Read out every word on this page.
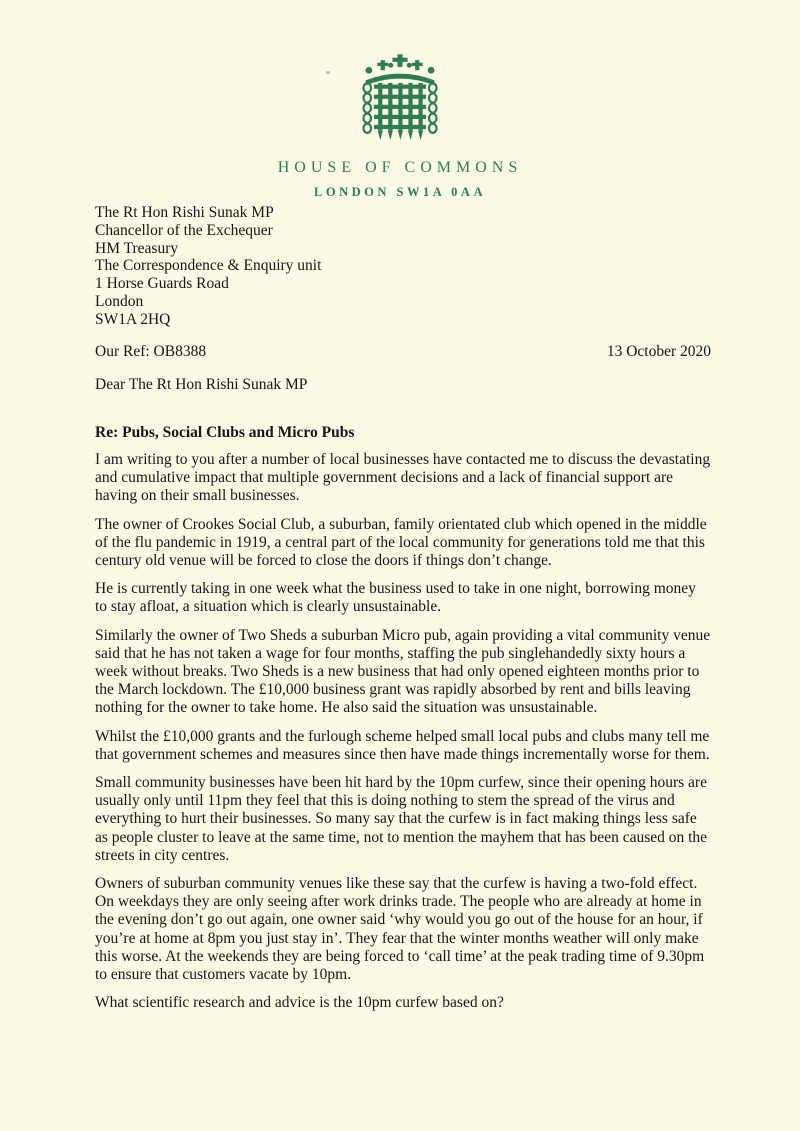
HOUSE OF COMMONS
LONDON SW1A 0AA
The Rt Hon Rishi Sunak MP
Chancellor of the Exchequer
HM Treasury
The Correspondence & Enquiry unit
1 Horse Guards Road
London
SW1A 2HQ
Our Ref: OB8388	13 October 2020
Dear The Rt Hon Rishi Sunak MP
Re: Pubs, Social Clubs and Micro Pubs

I am writing to you after a number of local businesses have contacted me to discuss the devastating and cumulative impact that multiple government decisions and a lack of financial support are having on their small businesses.

The owner of Crookes Social Club, a suburban, family orientated club which opened in the middle of the flu pandemic in 1919, a central part of the local community for generations told me that this century old venue will be forced to close the doors if things don’t change.

He is currently taking in one week what the business used to take in one night, borrowing money to stay afloat, a situation which is clearly unsustainable.

Similarly the owner of Two Sheds a suburban Micro pub, again providing a vital community venue said that he has not taken a wage for four months, staffing the pub singlehandedly sixty hours a week without breaks. Two Sheds is a new business that had only opened eighteen months prior to the March lockdown. The £10,000 business grant was rapidly absorbed by rent and bills leaving nothing for the owner to take home. He also said the situation was unsustainable.

Whilst the £10,000 grants and the furlough scheme helped small local pubs and clubs many tell me that government schemes and measures since then have made things incrementally worse for them.

Small community businesses have been hit hard by the 10pm curfew, since their opening hours are usually only until 11pm they feel that this is doing nothing to stem the spread of the virus and everything to hurt their businesses. So many say that the curfew is in fact making things less safe as people cluster to leave at the same time, not to mention the mayhem that has been caused on the streets in city centres.

Owners of suburban community venues like these say that the curfew is having a two-fold effect. On weekdays they are only seeing after work drinks trade. The people who are already at home in the evening don’t go out again, one owner said ‘why would you go out of the house for an hour, if you’re at home at 8pm you just stay in’. They fear that the winter months weather will only make this worse. At the weekends they are being forced to ‘call time’ at the peak trading time of 9.30pm to ensure that customers vacate by 10pm.

What scientific research and advice is the 10pm curfew based on?
